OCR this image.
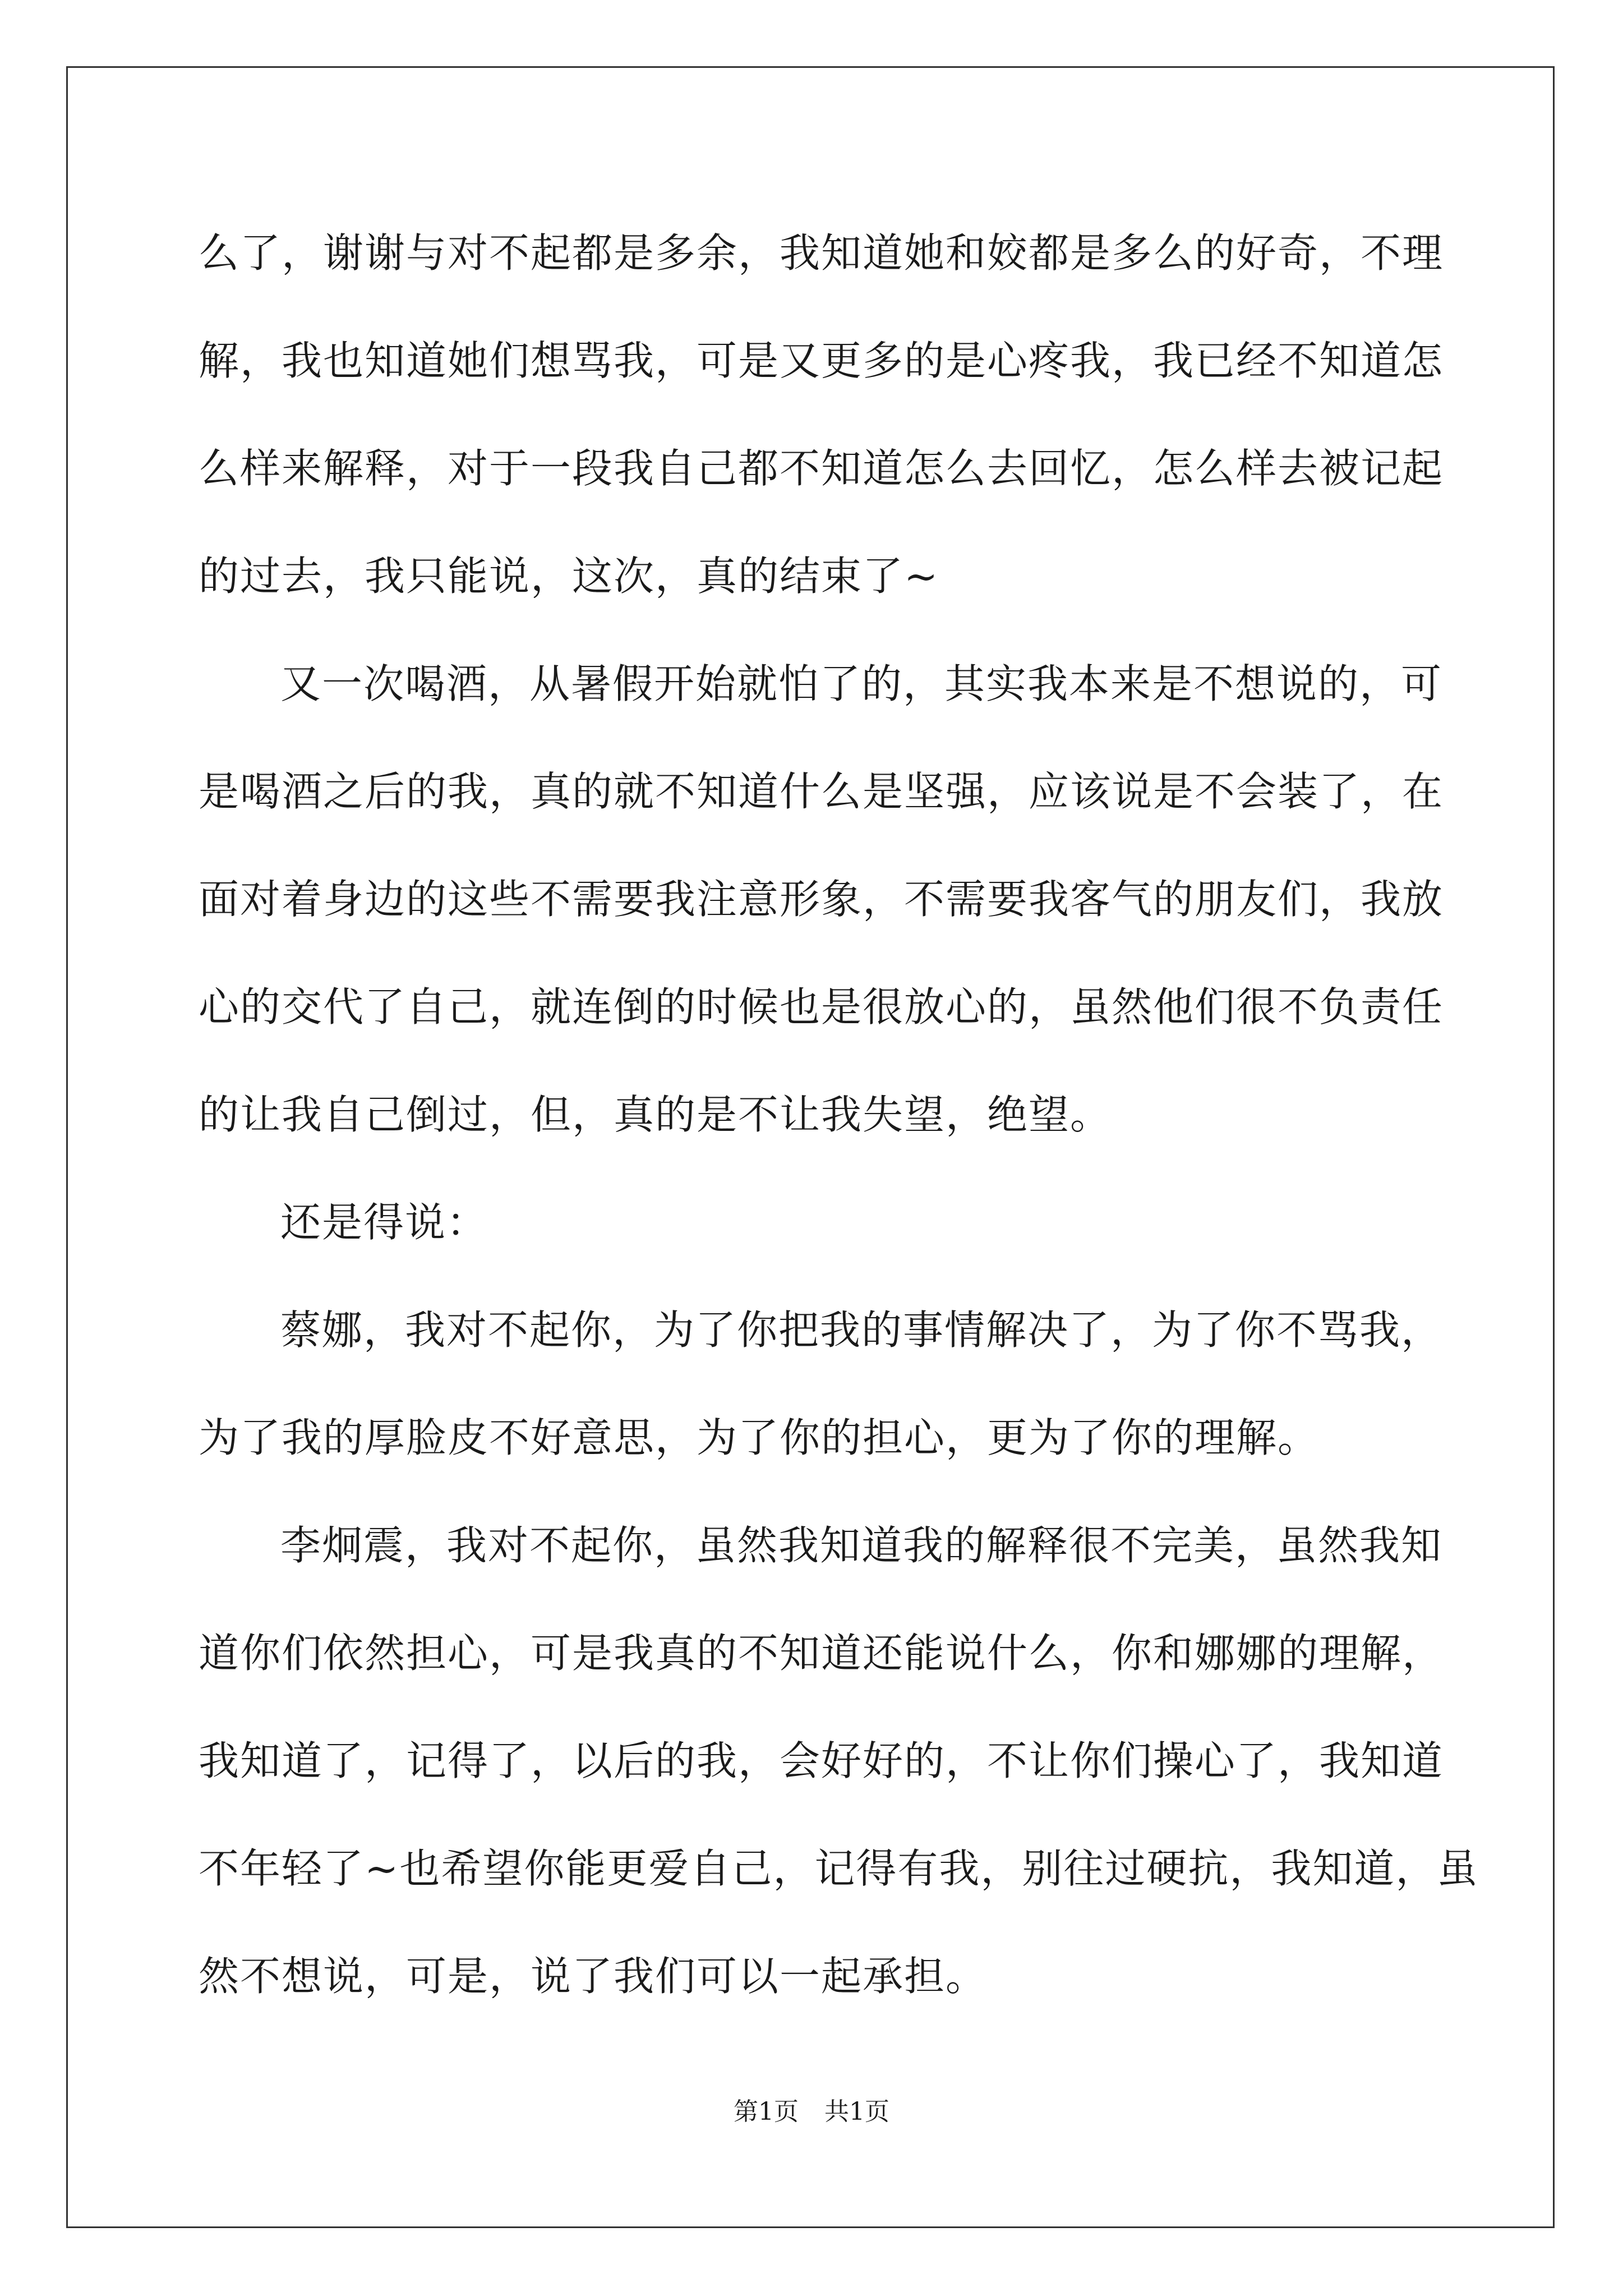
么了，谢谢与对不起都是多余，我知道她和姣都是多么的好奇，不理
解，我也知道她们想骂我，可是又更多的是心疼我，我已经不知道怎
么样来解释，对于一段我自己都不知道怎么去回忆，怎么样去被记起
的过去，我只能说，这次，真的结束了~
又一次喝酒，从暑假开始就怕了的，其实我本来是不想说的，可
是喝酒之后的我，真的就不知道什么是坚强，应该说是不会装了，在
面对着身边的这些不需要我注意形象，不需要我客气的朋友们，我放
心的交代了自己，就连倒的时候也是很放心的，虽然他们很不负责任
的让我自己倒过，但，真的是不让我失望，绝望。
还是得说：
蔡娜，我对不起你，为了你把我的事情解决了，为了你不骂我，
为了我的厚脸皮不好意思，为了你的担心，更为了你的理解。
李炯震，我对不起你，虽然我知道我的解释很不完美，虽然我知
道你们依然担心，可是我真的不知道还能说什么，你和娜娜的理解，
我知道了，记得了，以后的我，会好好的，不让你们操心了，我知道
不年轻了~也希望你能更爱自己，记得有我，别往过硬抗，我知道，虽
然不想说，可是，说了我们可以一起承担。
第1页 共1页
